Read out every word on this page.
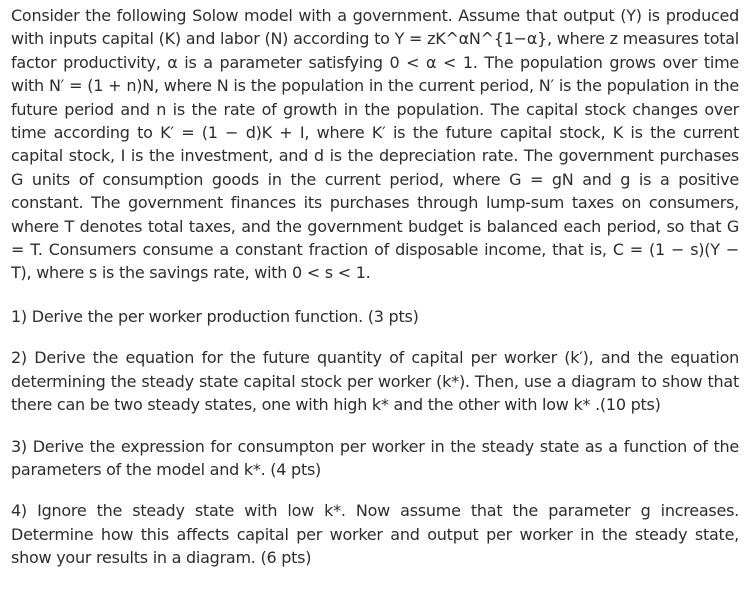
Consider the following Solow model with a government. Assume that output (Y) is produced with inputs capital (K) and labor (N) according to Y = zK^αN^{1−α}, where z measures total factor productivity, α is a parameter satisfying 0 < α < 1. The population grows over time with N′ = (1 + n)N, where N is the population in the current period, N′ is the population in the future period and n is the rate of growth in the population. The capital stock changes over time according to K′ = (1 − d)K + I, where K′ is the future capital stock, K is the current capital stock, I is the investment, and d is the depreciation rate. The government purchases G units of consumption goods in the current period, where G = gN and g is a positive constant. The government finances its purchases through lump-sum taxes on consumers, where T denotes total taxes, and the government budget is balanced each period, so that G = T. Consumers consume a constant fraction of disposable income, that is, C = (1 − s)(Y − T), where s is the savings rate, with 0 < s < 1.

1) Derive the per worker production function. (3 pts)

2) Derive the equation for the future quantity of capital per worker (k′), and the equation determining the steady state capital stock per worker (k*). Then, use a diagram to show that there can be two steady states, one with high k* and the other with low k* .(10 pts)

3) Derive the expression for consumpton per worker in the steady state as a function of the parameters of the model and k*. (4 pts)

4) Ignore the steady state with low k*. Now assume that the parameter g increases. Determine how this affects capital per worker and output per worker in the steady state, show your results in a diagram. (6 pts)
